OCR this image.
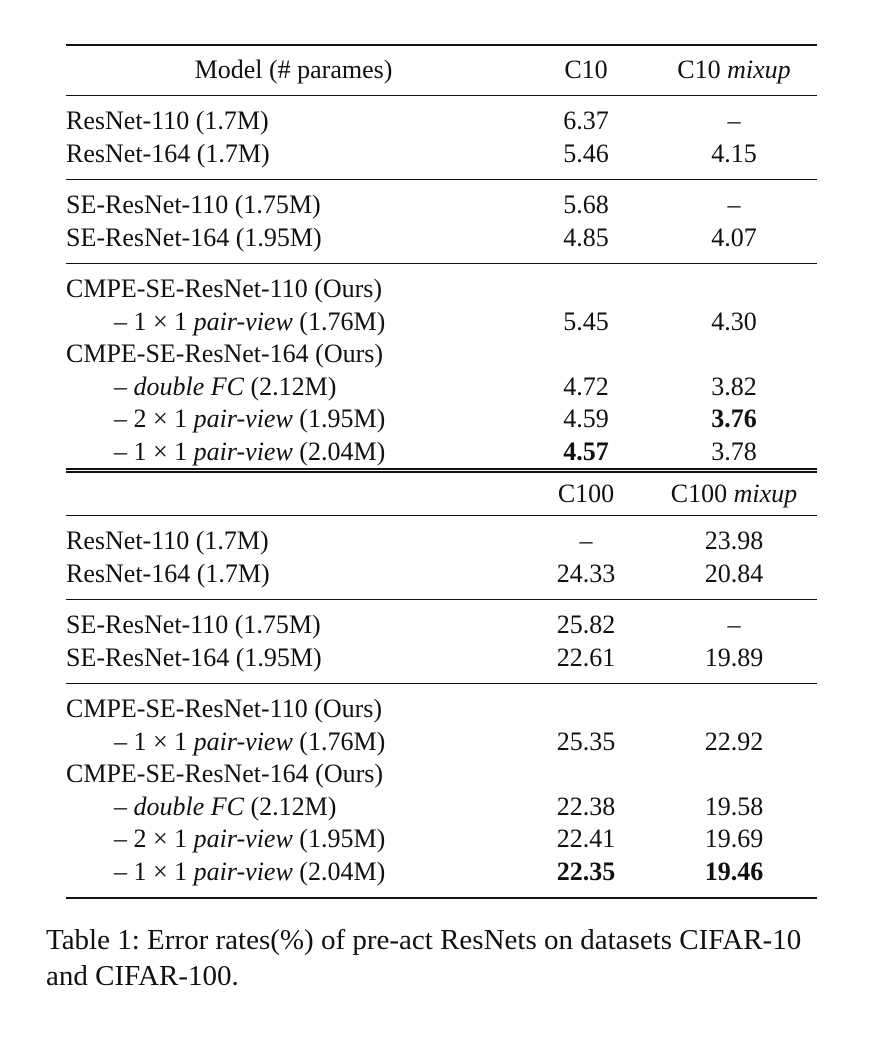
Model (# parames)	C10	C10 mixup
ResNet-110 (1.7M)	6.37	–
ResNet-164 (1.7M)	5.46	4.15
SE-ResNet-110 (1.75M)	5.68	–
SE-ResNet-164 (1.95M)	4.85	4.07
CMPE-SE-ResNet-110 (Ours)		
– 1 × 1 pair-view (1.76M)	5.45	4.30
CMPE-SE-ResNet-164 (Ours)		
– double FC (2.12M)	4.72	3.82
– 2 × 1 pair-view (1.95M)	4.59	3.76
– 1 × 1 pair-view (2.04M)	4.57	3.78
	C100	C100 mixup
ResNet-110 (1.7M)	–	23.98
ResNet-164 (1.7M)	24.33	20.84
SE-ResNet-110 (1.75M)	25.82	–
SE-ResNet-164 (1.95M)	22.61	19.89
CMPE-SE-ResNet-110 (Ours)		
– 1 × 1 pair-view (1.76M)	25.35	22.92
CMPE-SE-ResNet-164 (Ours)		
– double FC (2.12M)	22.38	19.58
– 2 × 1 pair-view (1.95M)	22.41	19.69
– 1 × 1 pair-view (2.04M)	22.35	19.46

Table 1: Error rates(%) of pre-act ResNets on datasets CIFAR-10 and CIFAR-100.
